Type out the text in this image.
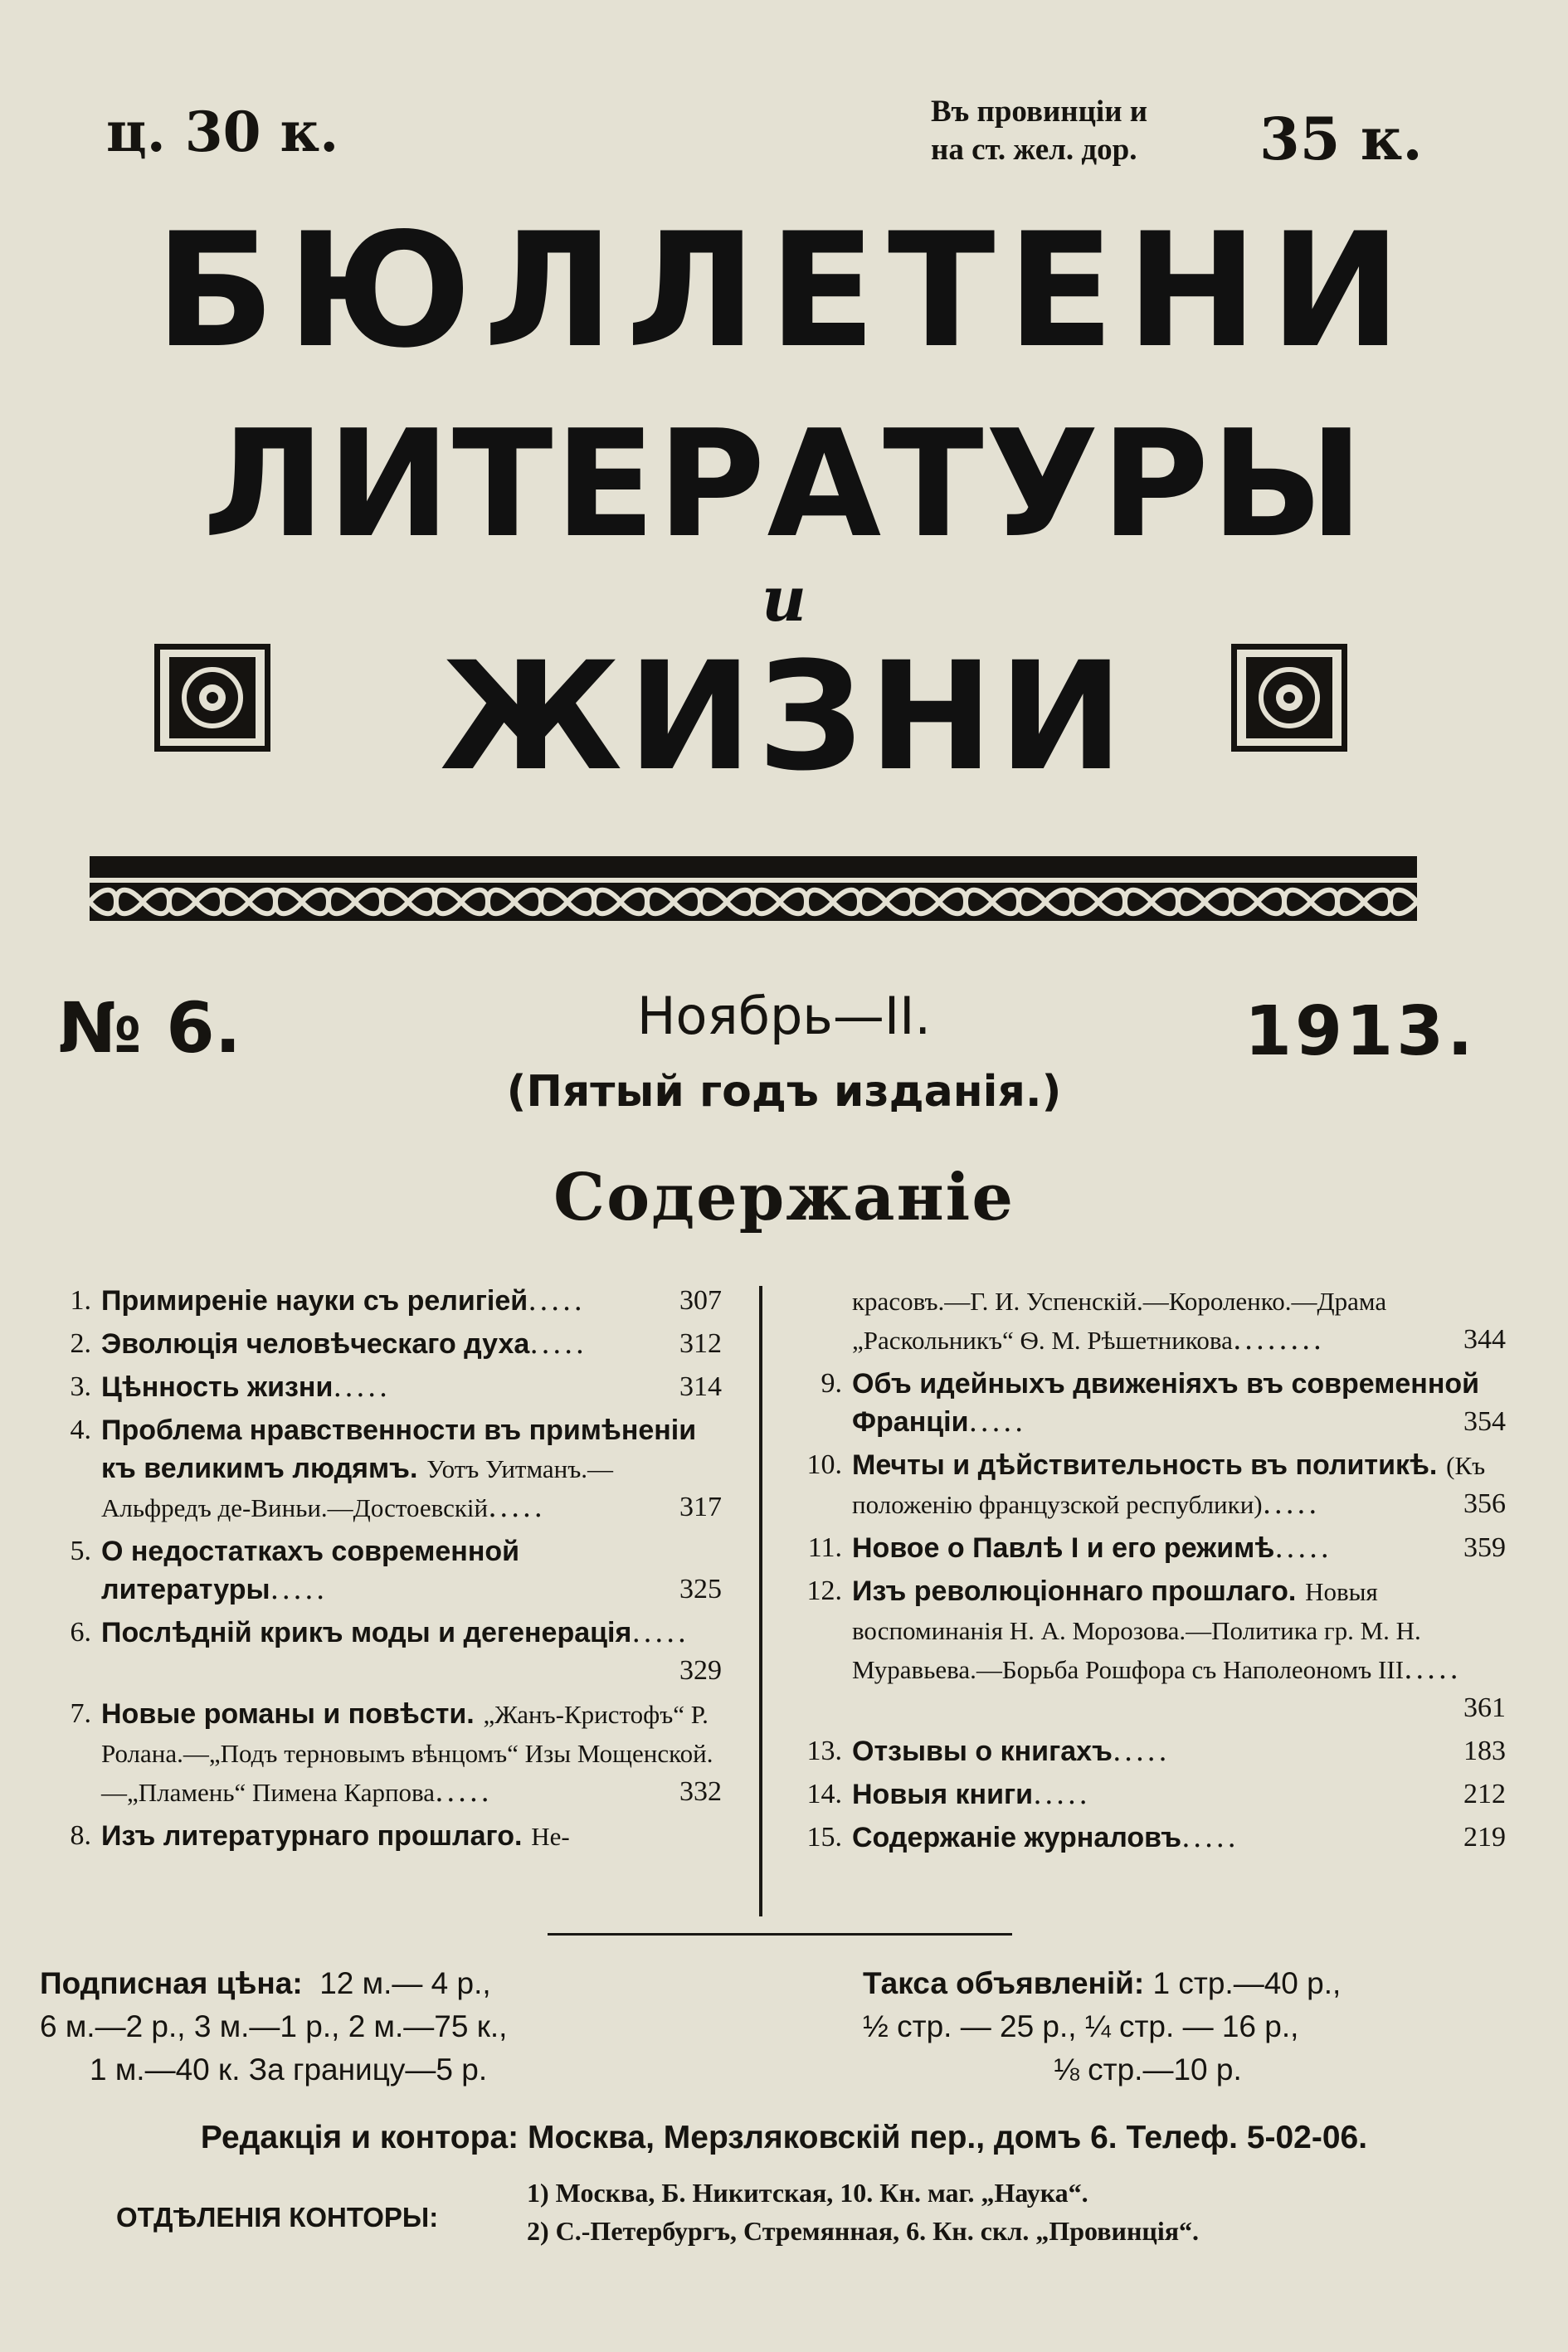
ц. 30 к.	Въ провинціи и
на ст. жел. дор. 35 к.
БЮЛЛЕТЕНИ
ЛИТЕРАТУРЫ
и
ЖИЗНИ
№ 6.	Ноябрь—II.	1913.
(Пятый годъ изданія.)
Содержаніе
1. Примиреніе науки съ религіей.....	307
2. Эволюція человѣческаго духа.....	312
3. Цѣнность жизни.....	314
4. Проблема нравственности въ примѣненіи къ великимъ людямъ. Уотъ Уитманъ.—Альфредъ де-Виньи.—Достоевскій.....	317
5. О недостаткахъ современной литературы.....	325
6. Послѣдній крикъ моды и дегенерація.....
329
7. Новые романы и повѣсти. „Жанъ-Кристофъ“ Р. Ролана.—„Подъ терновымъ вѣнцомъ“ Изы Мощенской.—„Пламень“ Пимена Карпова.....	332
8. Изъ литературнаго прошлаго. Не-
красовъ.—Г. И. Успенскій.—Короленко.—Драма „Раскольникъ“ Ѳ. М. Рѣшетникова........	344
9. Объ идейныхъ движеніяхъ въ современной Франціи.....	354
10. Мечты и дѣйствительность въ политикѣ. (Къ положенію французской республики).....	356
11. Новое о Павлѣ I и его режимѣ.....	359
12. Изъ революціоннаго прошлаго. Новыя воспоминанія Н. А. Морозова.—Политика гр. М. Н. Муравьева.—Борьба Рошфора съ Наполеономъ III.....
361
13. Отзывы о книгахъ.....	183
14. Новыя книги.....	212
15. Содержаніе журналовъ.....	219
Подписная цѣна: 12 м.— 4 р.,
6 м.—2 р., 3 м.—1 р., 2 м.—75 к.,
1 м.—40 к. За границу—5 р.
Такса объявленій: 1 стр.—40 р.,
½ стр. — 25 р., ¼ стр. — 16 р.,
⅛ стр.—10 р.
Редакція и контора: Москва, Мерзляковскій пер., домъ 6. Телеф. 5-02-06.
ОТДѢЛЕНІЯ КОНТОРЫ:
1) Москва, Б. Никитская, 10. Кн. маг. „Наука“.
2) С.-Петербургъ, Стремянная, 6. Кн. скл. „Провинція“.
